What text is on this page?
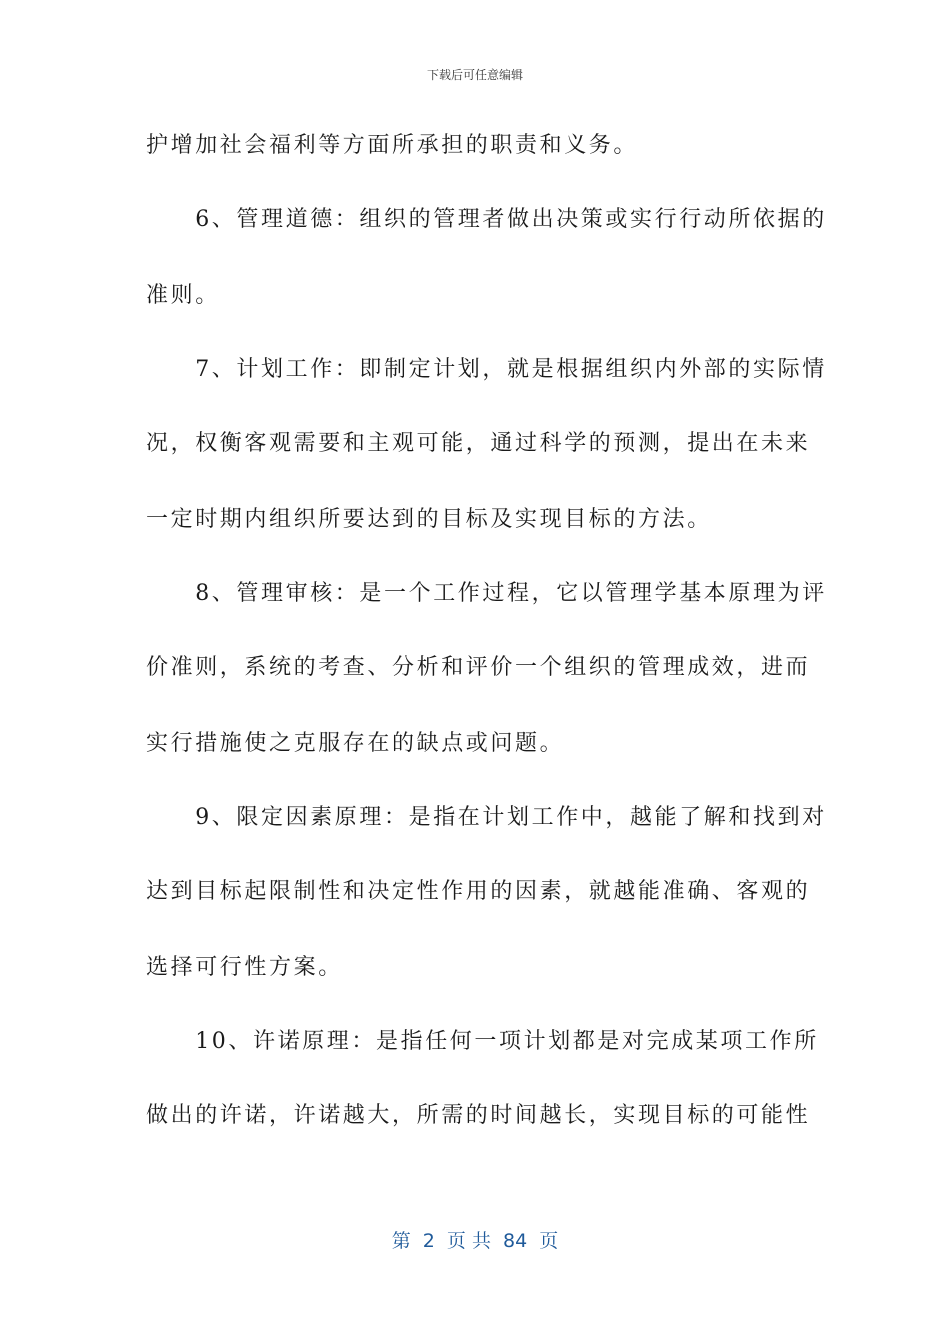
下载后可任意编辑
护增加社会福利等方面所承担的职责和义务。
　　6、管理道德：组织的管理者做出决策或实行行动所依据的
准则。
　　7、计划工作：即制定计划，就是根据组织内外部的实际情
况，权衡客观需要和主观可能，通过科学的预测，提出在未来
一定时期内组织所要达到的目标及实现目标的方法。
　　8、管理审核：是一个工作过程，它以管理学基本原理为评
价准则，系统的考查、分析和评价一个组织的管理成效，进而
实行措施使之克服存在的缺点或问题。
　　9、限定因素原理：是指在计划工作中，越能了解和找到对
达到目标起限制性和决定性作用的因素，就越能准确、客观的
选择可行性方案。
　　10、许诺原理：是指任何一项计划都是对完成某项工作所
做出的许诺，许诺越大，所需的时间越长，实现目标的可能性
第  2  页 共  84  页
